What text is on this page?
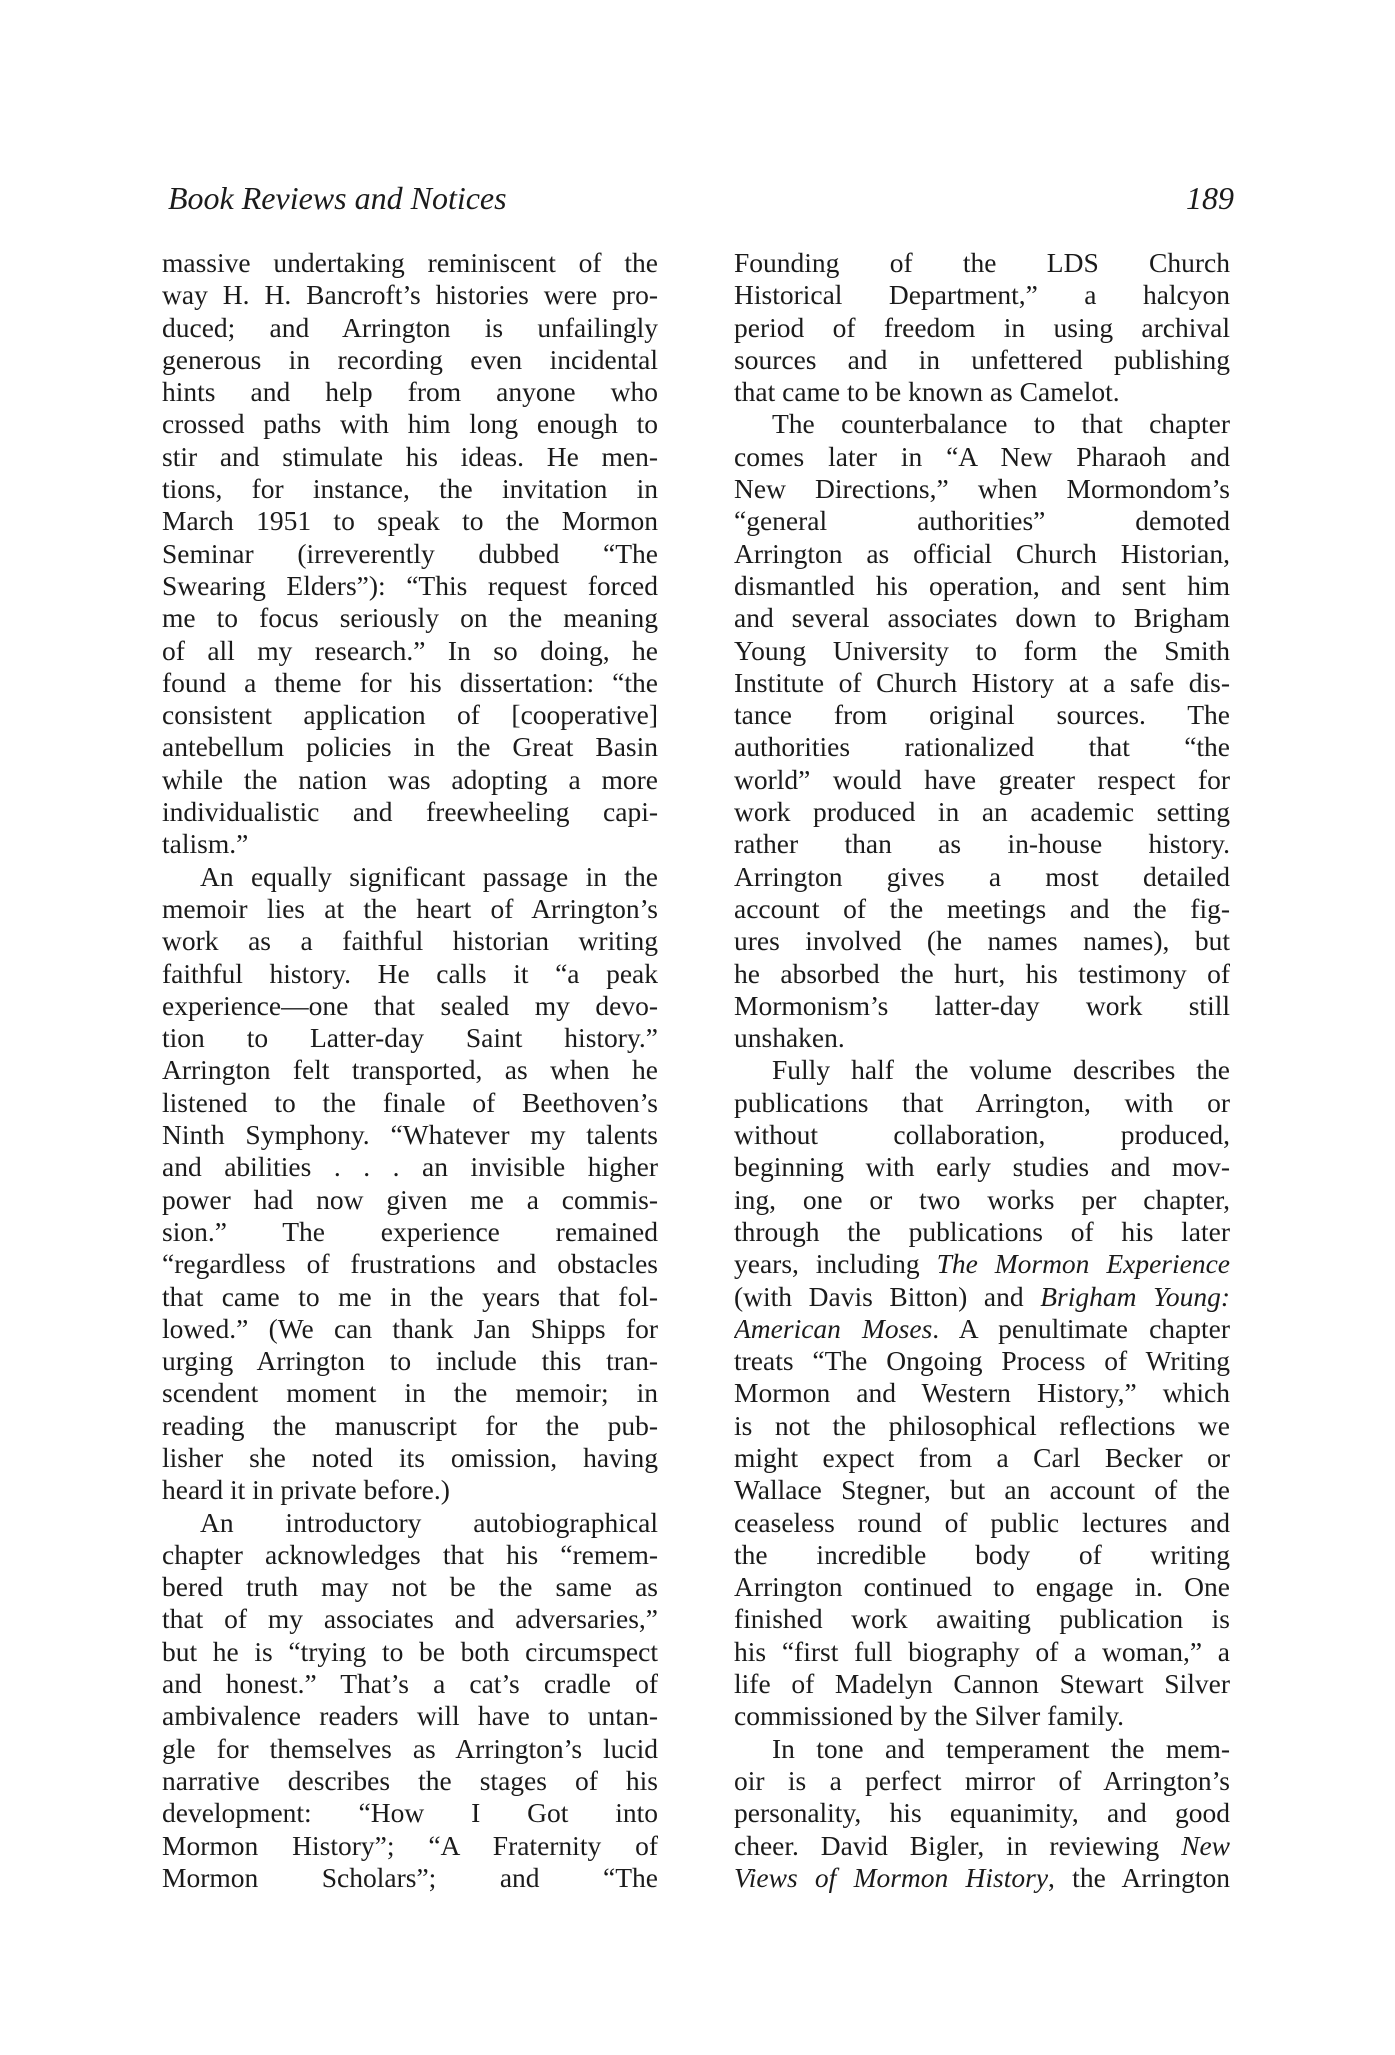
Book Reviews and Notices	189
massive undertaking reminiscent of the
way H. H. Bancroft’s histories were pro-
duced; and Arrington is unfailingly
generous in recording even incidental
hints and help from anyone who
crossed paths with him long enough to
stir and stimulate his ideas. He men-
tions, for instance, the invitation in
March 1951 to speak to the Mormon
Seminar (irreverently dubbed “The
Swearing Elders”): “This request forced
me to focus seriously on the meaning
of all my research.” In so doing, he
found a theme for his dissertation: “the
consistent application of [cooperative]
antebellum policies in the Great Basin
while the nation was adopting a more
individualistic and freewheeling capi-
talism.”
An equally significant passage in the
memoir lies at the heart of Arrington’s
work as a faithful historian writing
faithful history. He calls it “a peak
experience—one that sealed my devo-
tion to Latter-day Saint history.”
Arrington felt transported, as when he
listened to the finale of Beethoven’s
Ninth Symphony. “Whatever my talents
and abilities . . . an invisible higher
power had now given me a commis-
sion.” The experience remained
“regardless of frustrations and obstacles
that came to me in the years that fol-
lowed.” (We can thank Jan Shipps for
urging Arrington to include this tran-
scendent moment in the memoir; in
reading the manuscript for the pub-
lisher she noted its omission, having
heard it in private before.)
An introductory autobiographical
chapter acknowledges that his “remem-
bered truth may not be the same as
that of my associates and adversaries,”
but he is “trying to be both circumspect
and honest.” That’s a cat’s cradle of
ambivalence readers will have to untan-
gle for themselves as Arrington’s lucid
narrative describes the stages of his
development: “How I Got into
Mormon History”; “A Fraternity of
Mormon Scholars”; and “The
Founding of the LDS Church
Historical Department,” a halcyon
period of freedom in using archival
sources and in unfettered publishing
that came to be known as Camelot.
The counterbalance to that chapter
comes later in “A New Pharaoh and
New Directions,” when Mormondom’s
“general authorities” demoted
Arrington as official Church Historian,
dismantled his operation, and sent him
and several associates down to Brigham
Young University to form the Smith
Institute of Church History at a safe dis-
tance from original sources. The
authorities rationalized that “the
world” would have greater respect for
work produced in an academic setting
rather than as in-house history.
Arrington gives a most detailed
account of the meetings and the fig-
ures involved (he names names), but
he absorbed the hurt, his testimony of
Mormonism’s latter-day work still
unshaken.
Fully half the volume describes the
publications that Arrington, with or
without collaboration, produced,
beginning with early studies and mov-
ing, one or two works per chapter,
through the publications of his later
years, including The Mormon Experience
(with Davis Bitton) and Brigham Young:
American Moses. A penultimate chapter
treats “The Ongoing Process of Writing
Mormon and Western History,” which
is not the philosophical reflections we
might expect from a Carl Becker or
Wallace Stegner, but an account of the
ceaseless round of public lectures and
the incredible body of writing
Arrington continued to engage in. One
finished work awaiting publication is
his “first full biography of a woman,” a
life of Madelyn Cannon Stewart Silver
commissioned by the Silver family.
In tone and temperament the mem-
oir is a perfect mirror of Arrington’s
personality, his equanimity, and good
cheer. David Bigler, in reviewing New
Views of Mormon History, the Arrington
